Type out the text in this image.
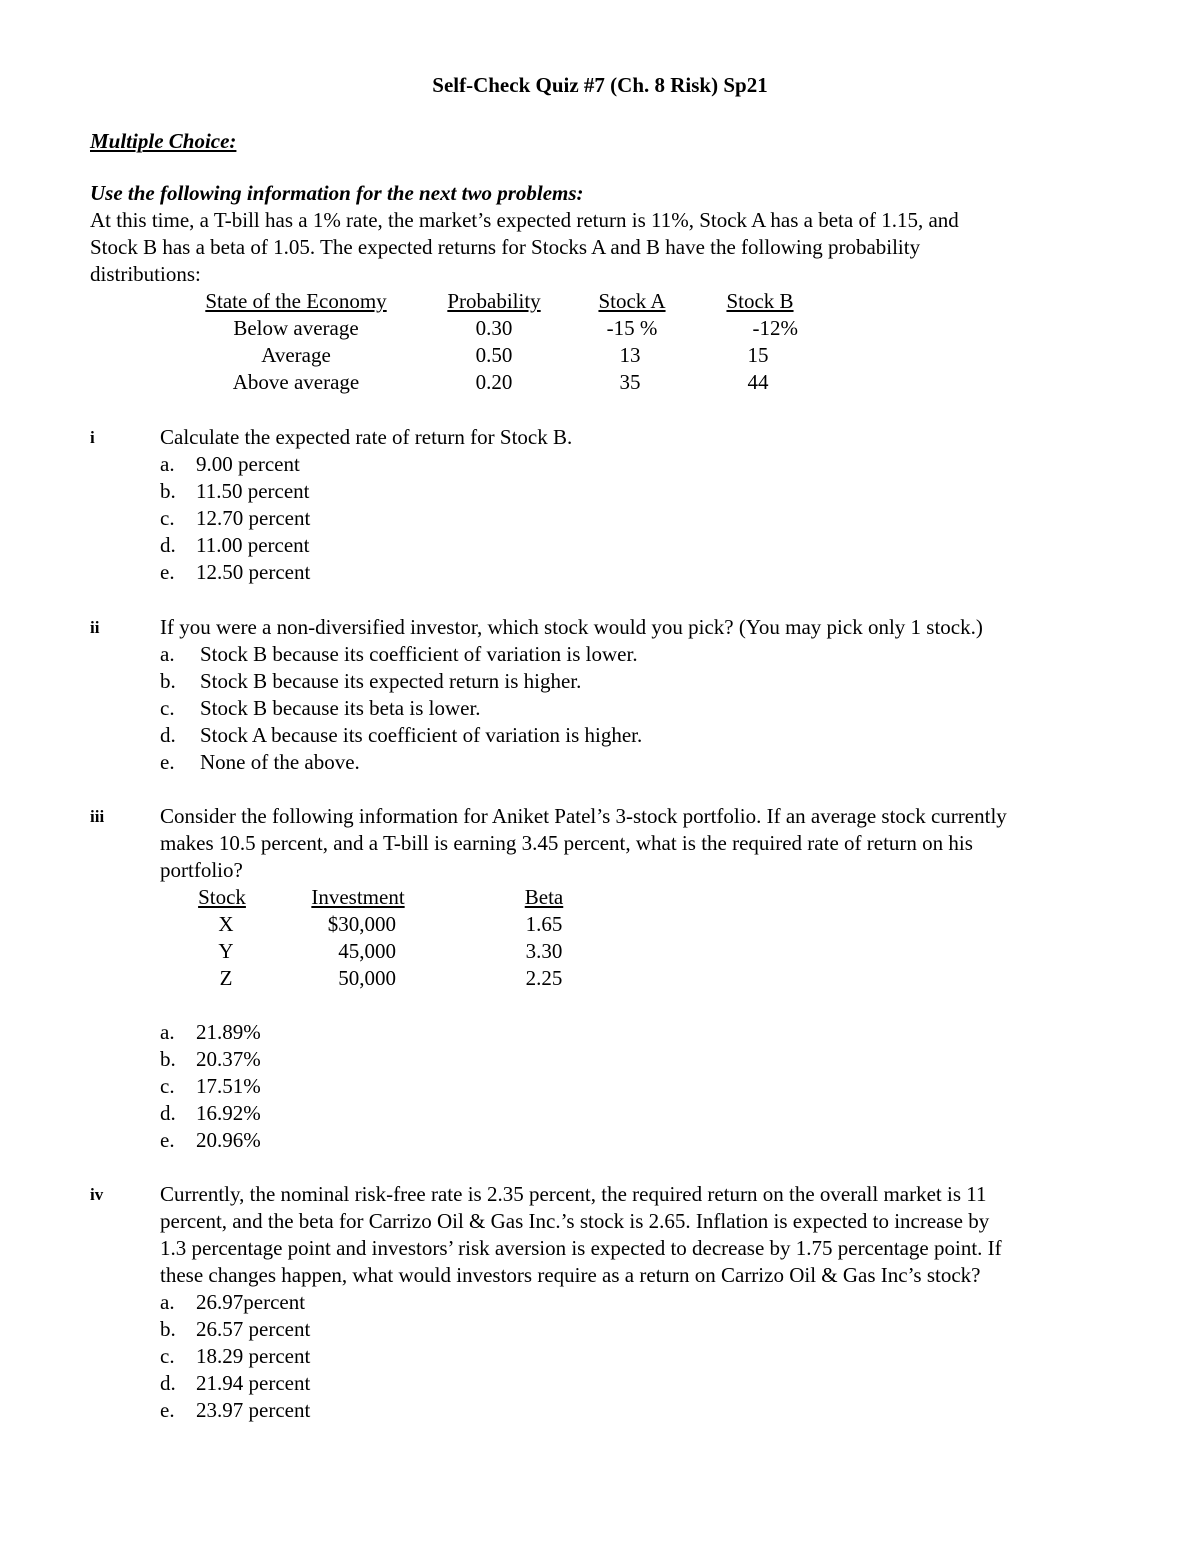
Self-Check Quiz #7 (Ch. 8 Risk) Sp21
Multiple Choice:
Use the following information for the next two problems:
At this time, a T-bill has a 1% rate, the market’s expected return is 11%, Stock A has a beta of 1.15, and
Stock B has a beta of 1.05. The expected returns for Stocks A and B have the following probability
distributions:
State of the Economy	Probability	Stock A	Stock B
Below average	0.30	-15 %	-12%
Average	0.50	13	15
Above average	0.20	35	44
i	Calculate the expected rate of return for Stock B.
a. 9.00 percent
b. 11.50 percent
c. 12.70 percent
d. 11.00 percent
e. 12.50 percent
ii	If you were a non-diversified investor, which stock would you pick? (You may pick only 1 stock.)
a. Stock B because its coefficient of variation is lower.
b. Stock B because its expected return is higher.
c. Stock B because its beta is lower.
d. Stock A because its coefficient of variation is higher.
e. None of the above.
iii	Consider the following information for Aniket Patel’s 3-stock portfolio. If an average stock currently
makes 10.5 percent, and a T-bill is earning 3.45 percent, what is the required rate of return on his
portfolio?
Stock	Investment	Beta
X	$30,000	1.65
Y	45,000	3.30
Z	50,000	2.25
a. 21.89%
b. 20.37%
c. 17.51%
d. 16.92%
e. 20.96%
iv	Currently, the nominal risk-free rate is 2.35 percent, the required return on the overall market is 11
percent, and the beta for Carrizo Oil & Gas Inc.’s stock is 2.65. Inflation is expected to increase by
1.3 percentage point and investors’ risk aversion is expected to decrease by 1.75 percentage point. If
these changes happen, what would investors require as a return on Carrizo Oil & Gas Inc’s stock?
a. 26.97percent
b. 26.57 percent
c. 18.29 percent
d. 21.94 percent
e. 23.97 percent
